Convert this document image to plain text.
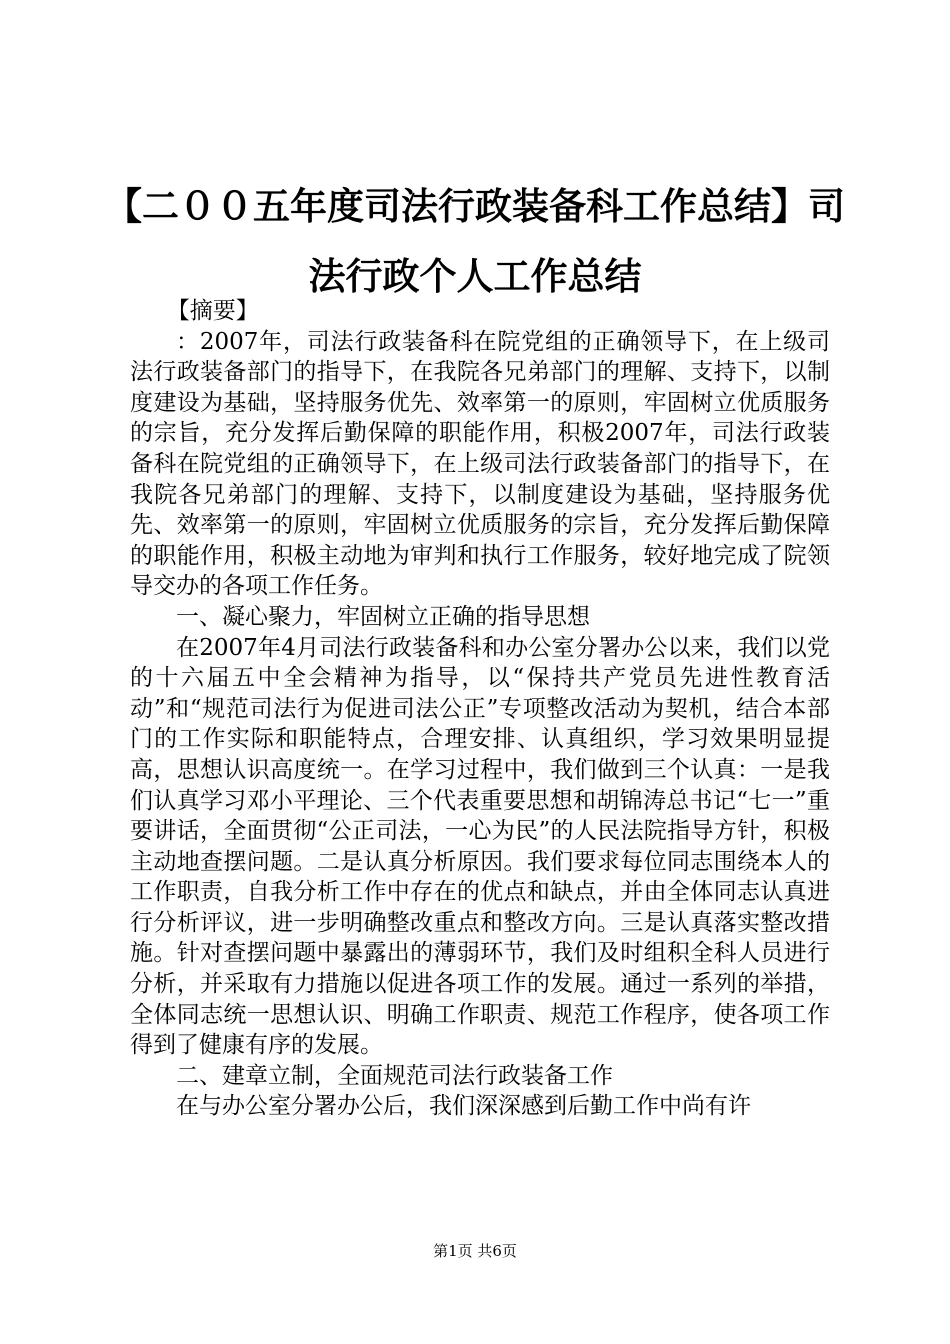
【二００五年度司法行政装备科工作总结】司法行政个人工作总结

【摘要】

：2007年，司法行政装备科在院党组的正确领导下，在上级司法行政装备部门的指导下，在我院各兄弟部门的理解、支持下，以制度建设为基础，坚持服务优先、效率第一的原则，牢固树立优质服务的宗旨，充分发挥后勤保障的职能作用，积极2007年，司法行政装备科在院党组的正确领导下，在上级司法行政装备部门的指导下，在我院各兄弟部门的理解、支持下，以制度建设为基础，坚持服务优先、效率第一的原则，牢固树立优质服务的宗旨，充分发挥后勤保障的职能作用，积极主动地为审判和执行工作服务，较好地完成了院领导交办的各项工作任务。

一、凝心聚力，牢固树立正确的指导思想

在2007年4月司法行政装备科和办公室分署办公以来，我们以党的十六届五中全会精神为指导，以“保持共产党员先进性教育活动”和“规范司法行为促进司法公正”专项整改活动为契机，结合本部门的工作实际和职能特点，合理安排、认真组织，学习效果明显提高，思想认识高度统一。在学习过程中，我们做到三个认真：一是我们认真学习邓小平理论、三个代表重要思想和胡锦涛总书记“七一”重要讲话，全面贯彻“公正司法，一心为民”的人民法院指导方针，积极主动地查摆问题。二是认真分析原因。我们要求每位同志围绕本人的工作职责，自我分析工作中存在的优点和缺点，并由全体同志认真进行分析评议，进一步明确整改重点和整改方向。三是认真落实整改措施。针对查摆问题中暴露出的薄弱环节，我们及时组积全科人员进行分析，并采取有力措施以促进各项工作的发展。通过一系列的举措，全体同志统一思想认识、明确工作职责、规范工作程序，使各项工作得到了健康有序的发展。

二、建章立制，全面规范司法行政装备工作

在与办公室分署办公后，我们深深感到后勤工作中尚有许

第1页 共6页
